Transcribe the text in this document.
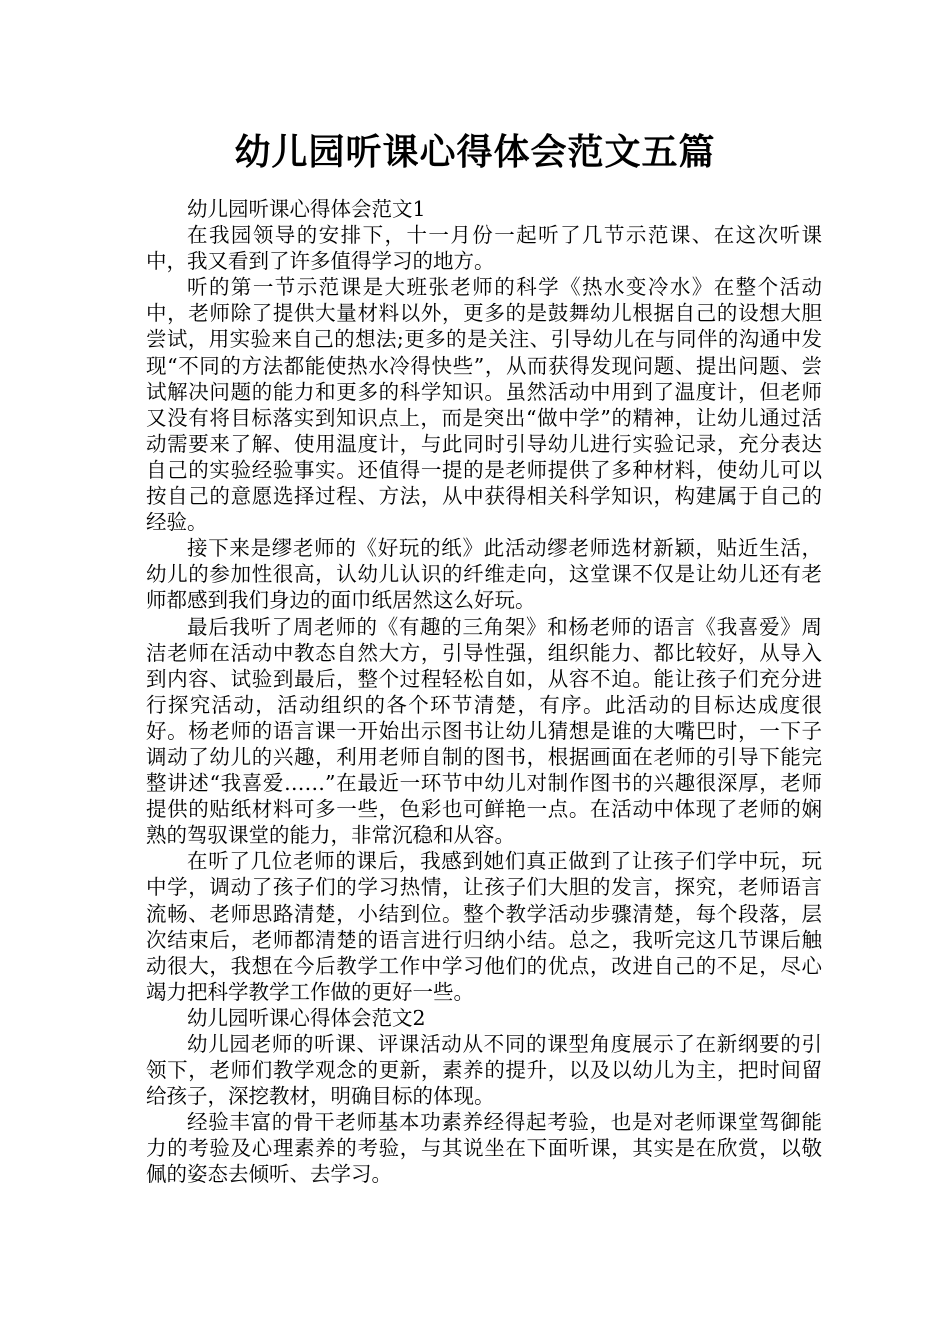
幼儿园听课心得体会范文五篇

幼儿园听课心得体会范文1

在我园领导的安排下，十一月份一起听了几节示范课、在这次听课中，我又看到了许多值得学习的地方。

听的第一节示范课是大班张老师的科学《热水变冷水》在整个活动中，老师除了提供大量材料以外，更多的是鼓舞幼儿根据自己的设想大胆尝试，用实验来自己的想法;更多的是关注、引导幼儿在与同伴的沟通中发现“不同的方法都能使热水冷得快些”，从而获得发现问题、提出问题、尝试解决问题的能力和更多的科学知识。虽然活动中用到了温度计，但老师又没有将目标落实到知识点上，而是突出“做中学”的精神，让幼儿通过活动需要来了解、使用温度计，与此同时引导幼儿进行实验记录，充分表达自己的实验经验事实。还值得一提的是老师提供了多种材料，使幼儿可以按自己的意愿选择过程、方法，从中获得相关科学知识，构建属于自己的经验。

接下来是缪老师的《好玩的纸》此活动缪老师选材新颖，贴近生活，幼儿的参加性很高，认幼儿认识的纤维走向，这堂课不仅是让幼儿还有老师都感到我们身边的面巾纸居然这么好玩。

最后我听了周老师的《有趣的三角架》和杨老师的语言《我喜爱》周洁老师在活动中教态自然大方，引导性强，组织能力、都比较好，从导入到内容、试验到最后，整个过程轻松自如，从容不迫。能让孩子们充分进行探究活动，活动组织的各个环节清楚，有序。此活动的目标达成度很好。杨老师的语言课一开始出示图书让幼儿猜想是谁的大嘴巴时，一下子调动了幼儿的兴趣，利用老师自制的图书，根据画面在老师的引导下能完整讲述“我喜爱……”在最近一环节中幼儿对制作图书的兴趣很深厚，老师提供的贴纸材料可多一些，色彩也可鲜艳一点。在活动中体现了老师的娴熟的驾驭课堂的能力，非常沉稳和从容。

在听了几位老师的课后，我感到她们真正做到了让孩子们学中玩，玩中学，调动了孩子们的学习热情，让孩子们大胆的发言，探究，老师语言流畅、老师思路清楚，小结到位。整个教学活动步骤清楚，每个段落，层次结束后，老师都清楚的语言进行归纳小结。总之，我听完这几节课后触动很大，我想在今后教学工作中学习他们的优点，改进自己的不足，尽心竭力把科学教学工作做的更好一些。

幼儿园听课心得体会范文2

幼儿园老师的听课、评课活动从不同的课型角度展示了在新纲要的引领下，老师们教学观念的更新，素养的提升，以及以幼儿为主，把时间留给孩子，深挖教材，明确目标的体现。

经验丰富的骨干老师基本功素养经得起考验，也是对老师课堂驾御能力的考验及心理素养的考验，与其说坐在下面听课，其实是在欣赏，以敬佩的姿态去倾听、去学习。
